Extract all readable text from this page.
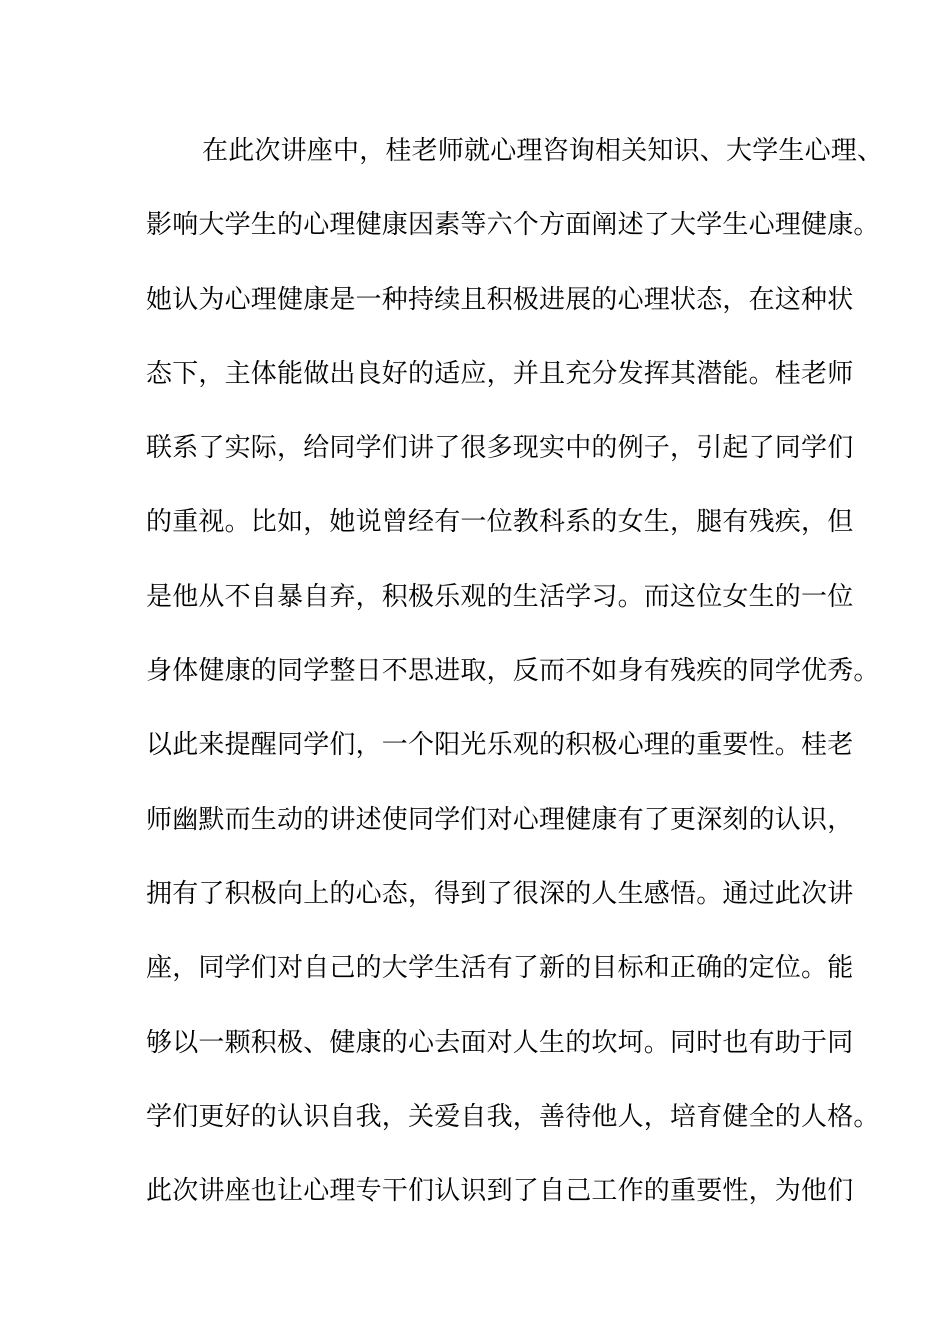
在此次讲座中，桂老师就心理咨询相关知识、大学生心理、
影响大学生的心理健康因素等六个方面阐述了大学生心理健康。
她认为心理健康是一种持续且积极进展的心理状态，在这种状
态下，主体能做出良好的适应，并且充分发挥其潜能。桂老师
联系了实际，给同学们讲了很多现实中的例子，引起了同学们
的重视。比如，她说曾经有一位教科系的女生，腿有残疾，但
是他从不自暴自弃，积极乐观的生活学习。而这位女生的一位
身体健康的同学整日不思进取，反而不如身有残疾的同学优秀。
以此来提醒同学们，一个阳光乐观的积极心理的重要性。桂老
师幽默而生动的讲述使同学们对心理健康有了更深刻的认识，
拥有了积极向上的心态，得到了很深的人生感悟。通过此次讲
座，同学们对自己的大学生活有了新的目标和正确的定位。能
够以一颗积极、健康的心去面对人生的坎坷。同时也有助于同
学们更好的认识自我，关爱自我，善待他人，培育健全的人格。
此次讲座也让心理专干们认识到了自己工作的重要性，为他们
